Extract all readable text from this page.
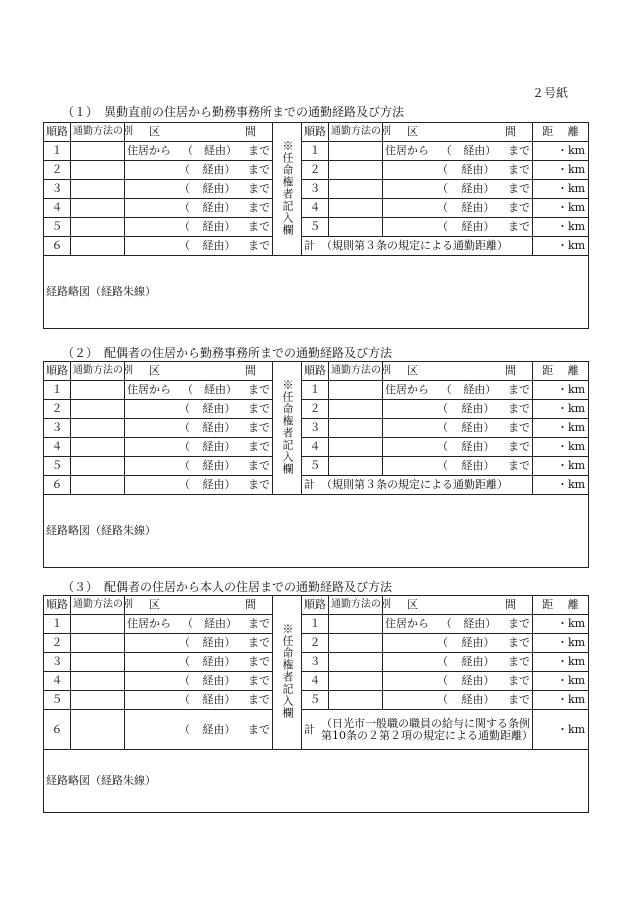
２号紙
（１）　異動直前の住居から勤務事務所までの通勤経路及び方法
順路	通勤方法の別	区 間	※任命権者記入欄	順路	通勤方法の別	区 間	距 離

１		住居から （ 経由） まで		１		住居から （ 経由） まで	・ km

２		（ 経由） まで		２		（ 経由） まで	・ km

３		（ 経由） まで		３		（ 経由） まで	・ km

４		（ 経由） まで		４		（ 経由） まで	・ km

５		（ 経由） まで		５		（ 経由） まで	・ km

６		（ 経由） まで		計 （規則第３条の規定による通勤距離）			・ km

経路略図（経路朱線）							
（２）　配偶者の住居から勤務事務所までの通勤経路及び方法
順路	通勤方法の別	区 間	※任命権者記入欄	順路	通勤方法の別	区 間	距 離

１		住居から （ 経由） まで		１		住居から （ 経由） まで	・ km

２		（ 経由） まで		２		（ 経由） まで	・ km

３		（ 経由） まで		３		（ 経由） まで	・ km

４		（ 経由） まで		４		（ 経由） まで	・ km

５		（ 経由） まで		５		（ 経由） まで	・ km

６		（ 経由） まで		計 （規則第３条の規定による通勤距離）			・ km

経路略図（経路朱線）							
（３）　配偶者の住居から本人の住居までの通勤経路及び方法
順路	通勤方法の別	区 間	※任命権者記入欄	順路	通勤方法の別	区 間	距 離

１		住居から （ 経由） まで		１		住居から （ 経由） まで	・ km

２		（ 経由） まで		２		（ 経由） まで	・ km

３		（ 経由） まで		３		（ 経由） まで	・ km

４		（ 経由） まで		４		（ 経由） まで	・ km

５		（ 経由） まで		５		（ 経由） まで	・ km

６		（ 経由） まで		計 （日光市一般職の職員の給与に関する条例第10条の２第２項の規定による通勤距離）			・ km

経路略図（経路朱線）							
